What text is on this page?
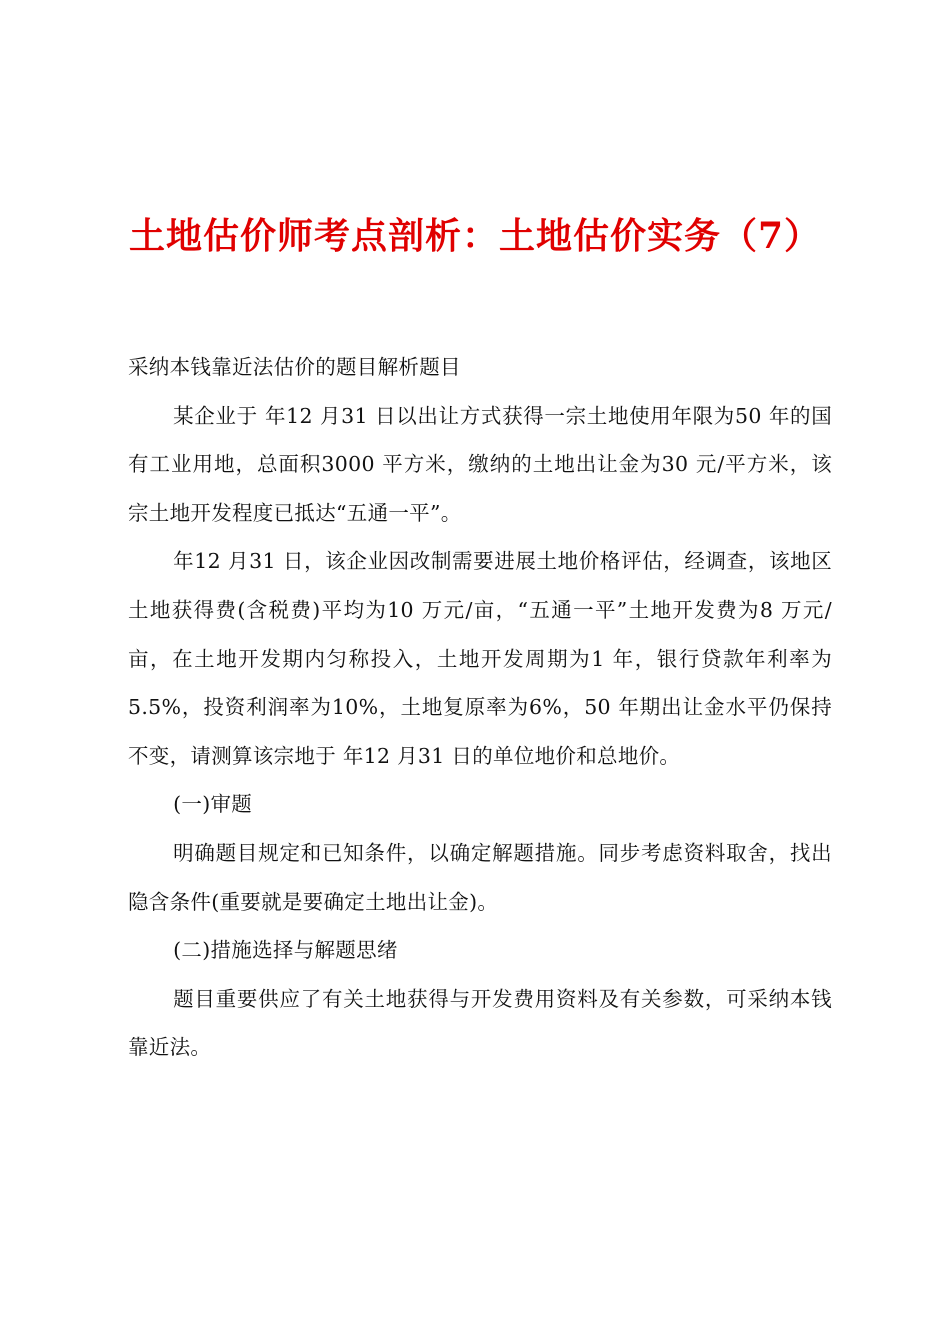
土地估价师考点剖析：土地估价实务（7）

采纳本钱靠近法估价的题目解析题目

某企业于 年12 月31 日以出让方式获得一宗土地使用年限为50 年的国有工业用地，总面积3000 平方米，缴纳的土地出让金为30 元/平方米，该宗土地开发程度已抵达“五通一平”。

年12 月31 日，该企业因改制需要进展土地价格评估，经调查，该地区土地获得费(含税费)平均为10 万元/亩，“五通一平”土地开发费为8 万元/亩，在土地开发期内匀称投入，土地开发周期为1 年，银行贷款年利率为5.5%，投资利润率为10%，土地复原率为6%，50 年期出让金水平仍保持不变，请测算该宗地于 年12 月31 日的单位地价和总地价。

(一)审题

明确题目规定和已知条件，以确定解题措施。同步考虑资料取舍，找出隐含条件(重要就是要确定土地出让金)。

(二)措施选择与解题思绪

题目重要供应了有关土地获得与开发费用资料及有关参数，可采纳本钱靠近法。
